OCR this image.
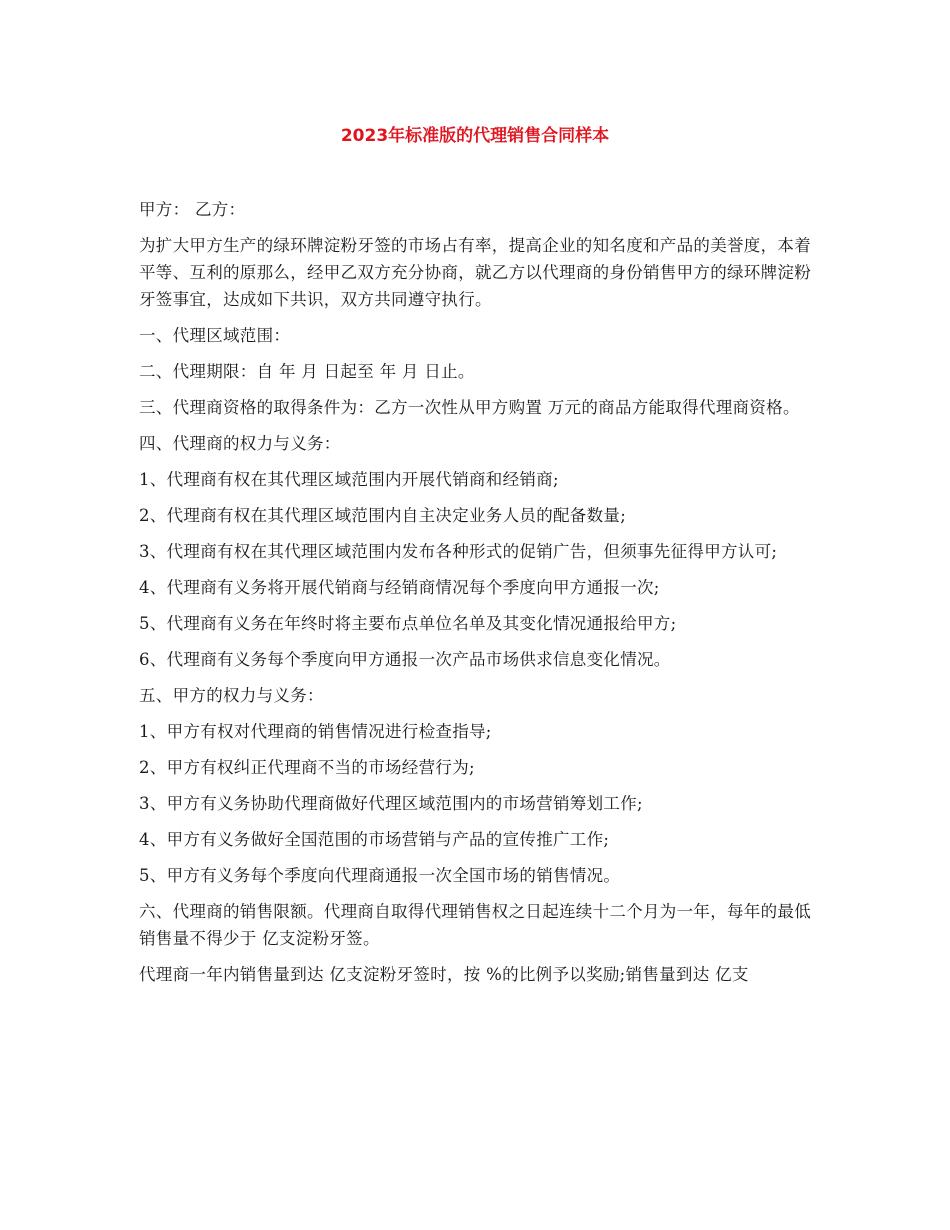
2023年标准版的代理销售合同样本

甲方： 乙方：

为扩大甲方生产的绿环牌淀粉牙签的市场占有率，提高企业的知名度和产品的美誉度，本着平等、互利的原那么，经甲乙双方充分协商，就乙方以代理商的身份销售甲方的绿环牌淀粉牙签事宜，达成如下共识，双方共同遵守执行。

一、代理区域范围：

二、代理期限：自 年 月 日起至 年 月 日止。

三、代理商资格的取得条件为：乙方一次性从甲方购置 万元的商品方能取得代理商资格。

四、代理商的权力与义务：

1、代理商有权在其代理区域范围内开展代销商和经销商;

2、代理商有权在其代理区域范围内自主决定业务人员的配备数量;

3、代理商有权在其代理区域范围内发布各种形式的促销广告，但须事先征得甲方认可;

4、代理商有义务将开展代销商与经销商情况每个季度向甲方通报一次;

5、代理商有义务在年终时将主要布点单位名单及其变化情况通报给甲方;

6、代理商有义务每个季度向甲方通报一次产品市场供求信息变化情况。

五、甲方的权力与义务：

1、甲方有权对代理商的销售情况进行检查指导;

2、甲方有权纠正代理商不当的市场经营行为;

3、甲方有义务协助代理商做好代理区域范围内的市场营销筹划工作;

4、甲方有义务做好全国范围的市场营销与产品的宣传推广工作;

5、甲方有义务每个季度向代理商通报一次全国市场的销售情况。

六、代理商的销售限额。代理商自取得代理销售权之日起连续十二个月为一年，每年的最低销售量不得少于 亿支淀粉牙签。

代理商一年内销售量到达 亿支淀粉牙签时，按 %的比例予以奖励;销售量到达 亿支
